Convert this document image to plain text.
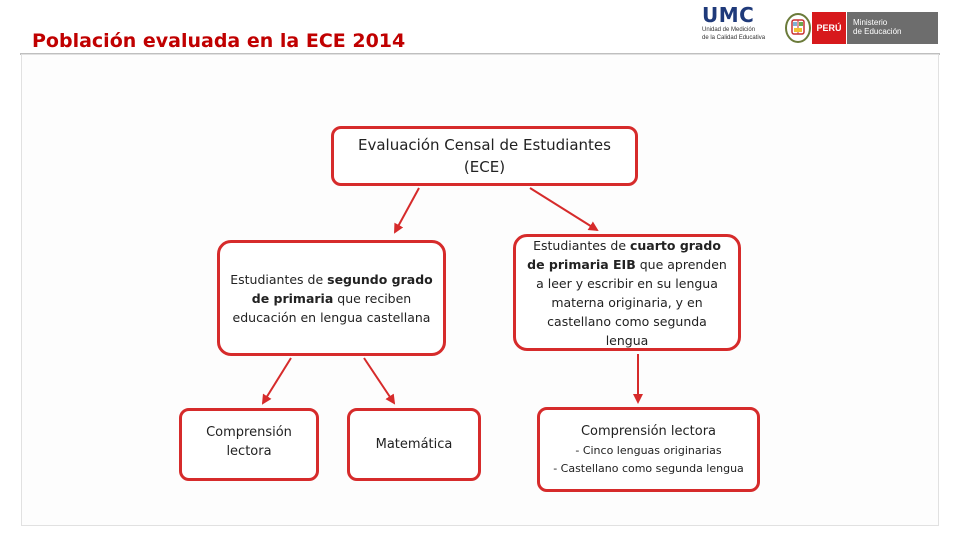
Población evaluada en la ECE 2014
UMC
Unidad de Medición
de la Calidad Educativa
PERÚ
Ministerio
de Educación
Evaluación Censal de Estudiantes
(ECE)
Estudiantes de segundo grado de primaria que reciben educación en lengua castellana
Estudiantes de cuarto grado de primaria EIB que aprenden a leer y escribir en su lengua materna originaria, y en castellano como segunda lengua
Comprensión lectora	Matemática
Comprensión lectora
- Cinco lenguas originarias
- Castellano como segunda lengua
